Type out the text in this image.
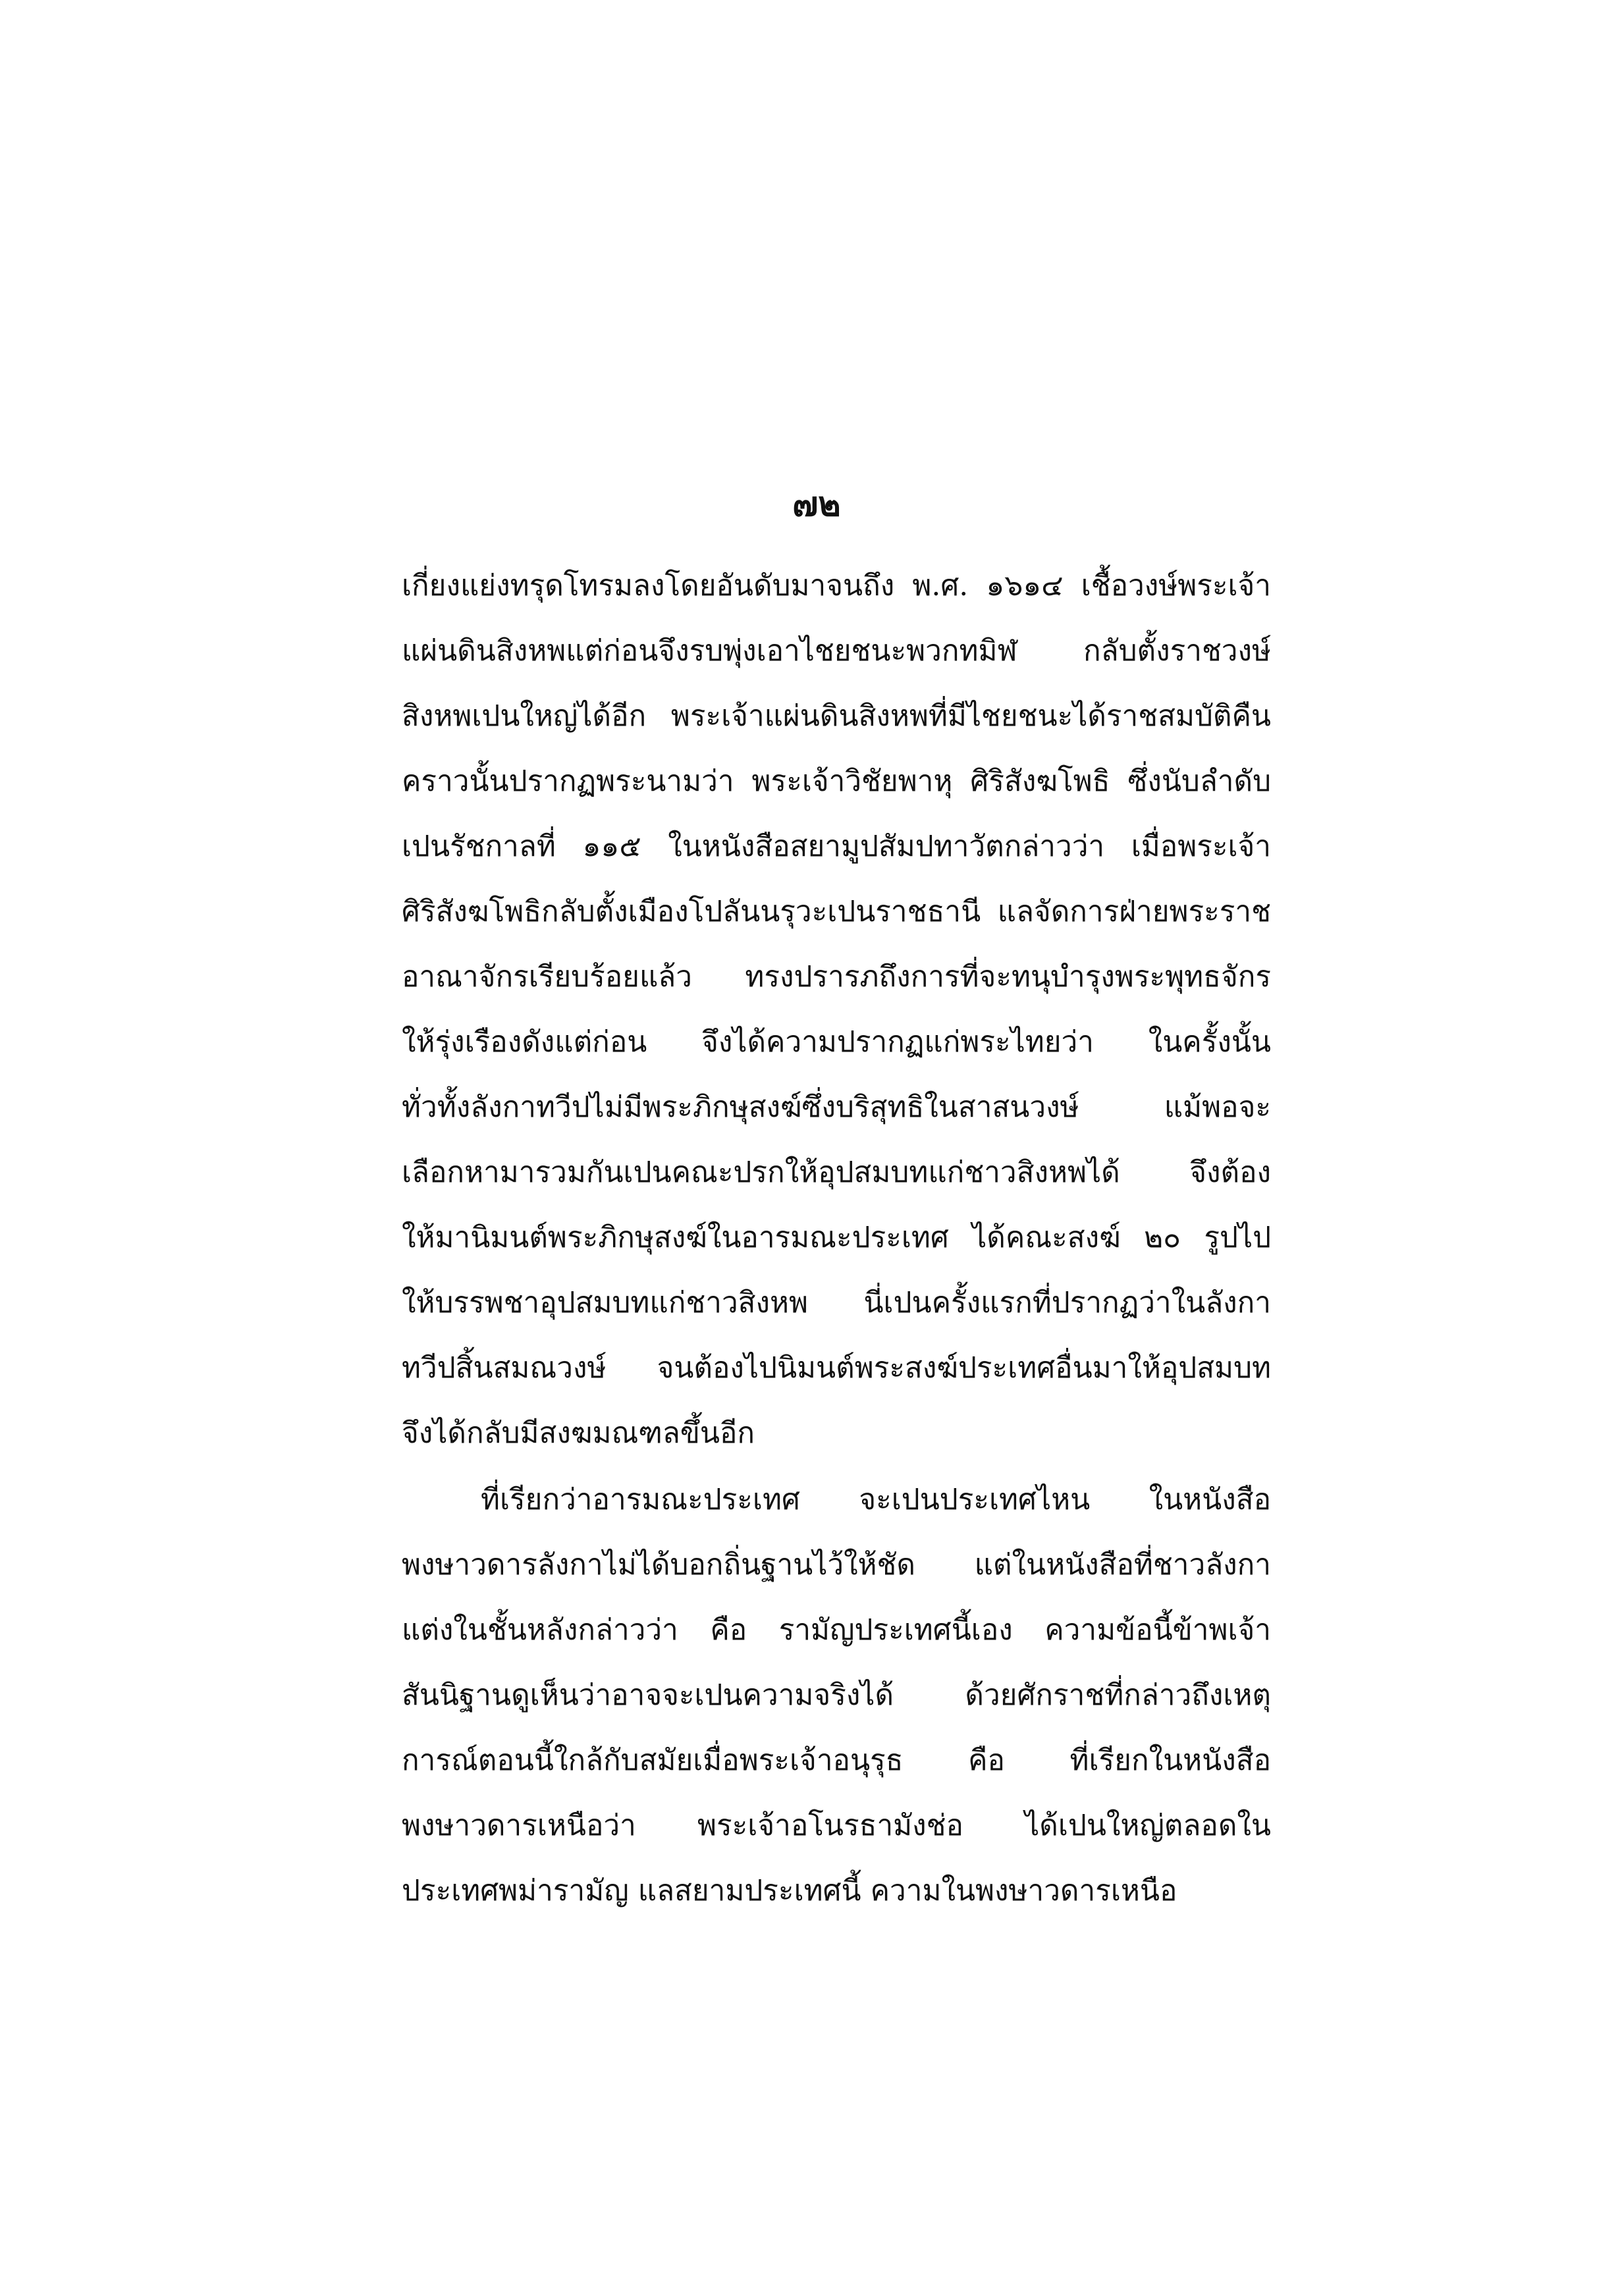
๗๒
เกี่ยงแย่งทรุดโทรมลงโดยอันดับมาจนถึง พ.ศ. ๑๖๑๔ เชื้อวงษ์พระเจ้า
แผ่นดินสิงหพแต่ก่อนจึงรบพุ่งเอาไชยชนะพวกทมิฬ กลับตั้งราชวงษ์
สิงหพเปนใหญ่ได้อีก พระเจ้าแผ่นดินสิงหพที่มีไชยชนะได้ราชสมบัติคืน
คราวนั้นปรากฏพระนามว่า พระเจ้าวิชัยพาหุ ศิริสังฆโพธิ ซึ่งนับลำดับ
เปนรัชกาลที่ ๑๑๕ ในหนังสือสยามูปสัมปทาวัตกล่าวว่า เมื่อพระเจ้า
ศิริสังฆโพธิกลับตั้งเมืองโปลันนรุวะเปนราชธานี แลจัดการฝ่ายพระราช
อาณาจักรเรียบร้อยแล้ว ทรงปรารภถึงการที่จะทนุบำรุงพระพุทธจักร
ให้รุ่งเรืองดังแต่ก่อน จึงได้ความปรากฏแก่พระไทยว่า ในครั้งนั้น
ทั่วทั้งลังกาทวีปไม่มีพระภิกษุสงฆ์ซึ่งบริสุทธิในสาสนวงษ์ แม้พอจะ
เลือกหามารวมกันเปนคณะปรกให้อุปสมบทแก่ชาวสิงหพได้ จึงต้อง
ให้มานิมนต์พระภิกษุสงฆ์ในอารมณะประเทศ ได้คณะสงฆ์ ๒๐ รูปไป
ให้บรรพชาอุปสมบทแก่ชาวสิงหพ นี่เปนครั้งแรกที่ปรากฏว่าในลังกา
ทวีปสิ้นสมณวงษ์ จนต้องไปนิมนต์พระสงฆ์ประเทศอื่นมาให้อุปสมบท
จึงได้กลับมีสงฆมณฑลขึ้นอีก
ที่เรียกว่าอารมณะประเทศ จะเปนประเทศไหน ในหนังสือ
พงษาวดารลังกาไม่ได้บอกถิ่นฐานไว้ให้ชัด แต่ในหนังสือที่ชาวลังกา
แต่งในชั้นหลังกล่าวว่า คือ รามัญประเทศนี้เอง ความข้อนี้ข้าพเจ้า
สันนิฐานดูเห็นว่าอาจจะเปนความจริงได้ ด้วยศักราชที่กล่าวถึงเหตุ
การณ์ตอนนี้ใกล้กับสมัยเมื่อพระเจ้าอนุรุธ คือ ที่เรียกในหนังสือ
พงษาวดารเหนือว่า พระเจ้าอโนรธามังช่อ ได้เปนใหญ่ตลอดใน
ประเทศพม่ารามัญ แลสยามประเทศนี้ ความในพงษาวดารเหนือ
